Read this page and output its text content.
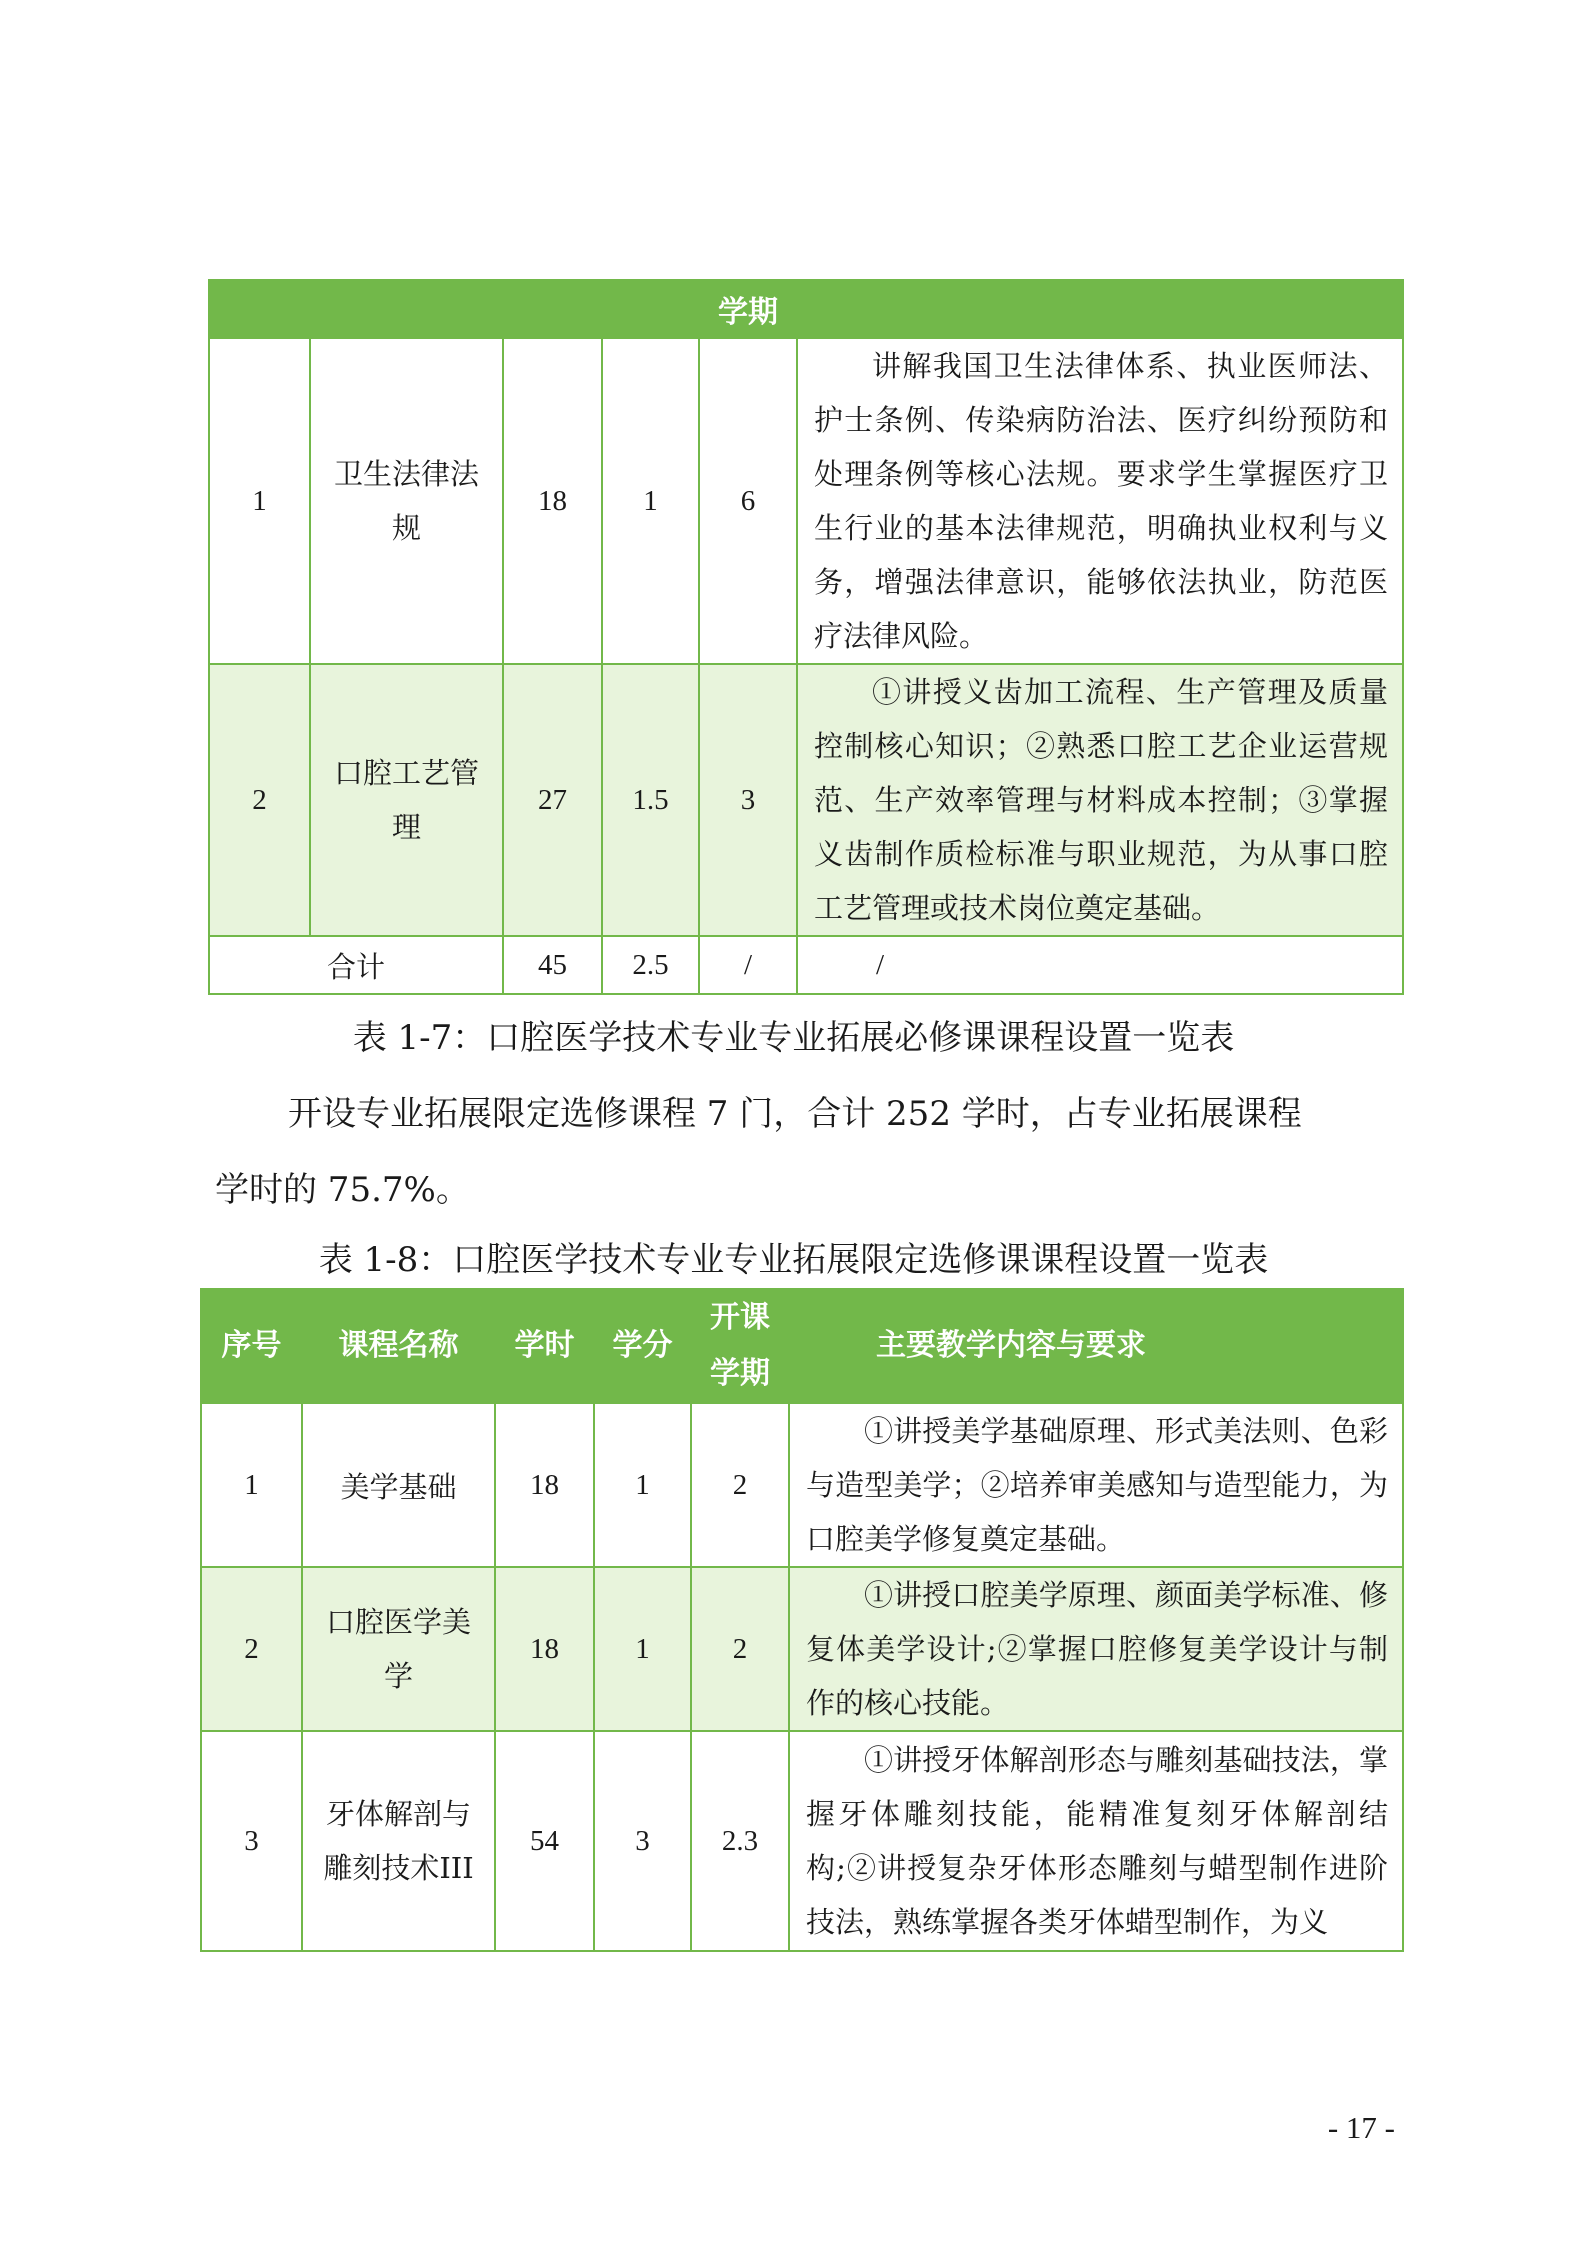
				学期	
1	卫生法律法
规	18	1	6	讲解我国卫生法律体系、执业医师法、护士条例、传染病防治法、医疗纠纷预防和处理条例等核心法规。要求学生掌握医疗卫生行业的基本法律规范，明确执业权利与义务，增强法律意识，能够依法执业，防范医疗法律风险。
2	口腔工艺管
理	27	1.5	3	①讲授义齿加工流程、生产管理及质量控制核心知识；②熟悉口腔工艺企业运营规范、生产效率管理与材料成本控制；③掌握义齿制作质检标准与职业规范，为从事口腔工艺管理或技术岗位奠定基础。
合计		45	2.5	/	/
表 1-7：口腔医学技术专业专业拓展必修课课程设置一览表
开设专业拓展限定选修课程 7 门，合计 252 学时，占专业拓展课程
学时的 75.7%。
表 1-8：口腔医学技术专业专业拓展限定选修课课程设置一览表
序号	课程名称	学时	学分	开课
学期	主要教学内容与要求
1	美学基础	18	1	2	①讲授美学基础原理、形式美法则、色彩与造型美学；②培养审美感知与造型能力，为口腔美学修复奠定基础。
2	口腔医学美
学	18	1	2	①讲授口腔美学原理、颜面美学标准、修复体美学设计;②掌握口腔修复美学设计与制作的核心技能。
3	牙体解剖与
雕刻技术III	54	3	2.3	①讲授牙体解剖形态与雕刻基础技法，掌握牙体雕刻技能，能精准复刻牙体解剖结构;②讲授复杂牙体形态雕刻与蜡型制作进阶技法，熟练掌握各类牙体蜡型制作，为义
- 17 -
